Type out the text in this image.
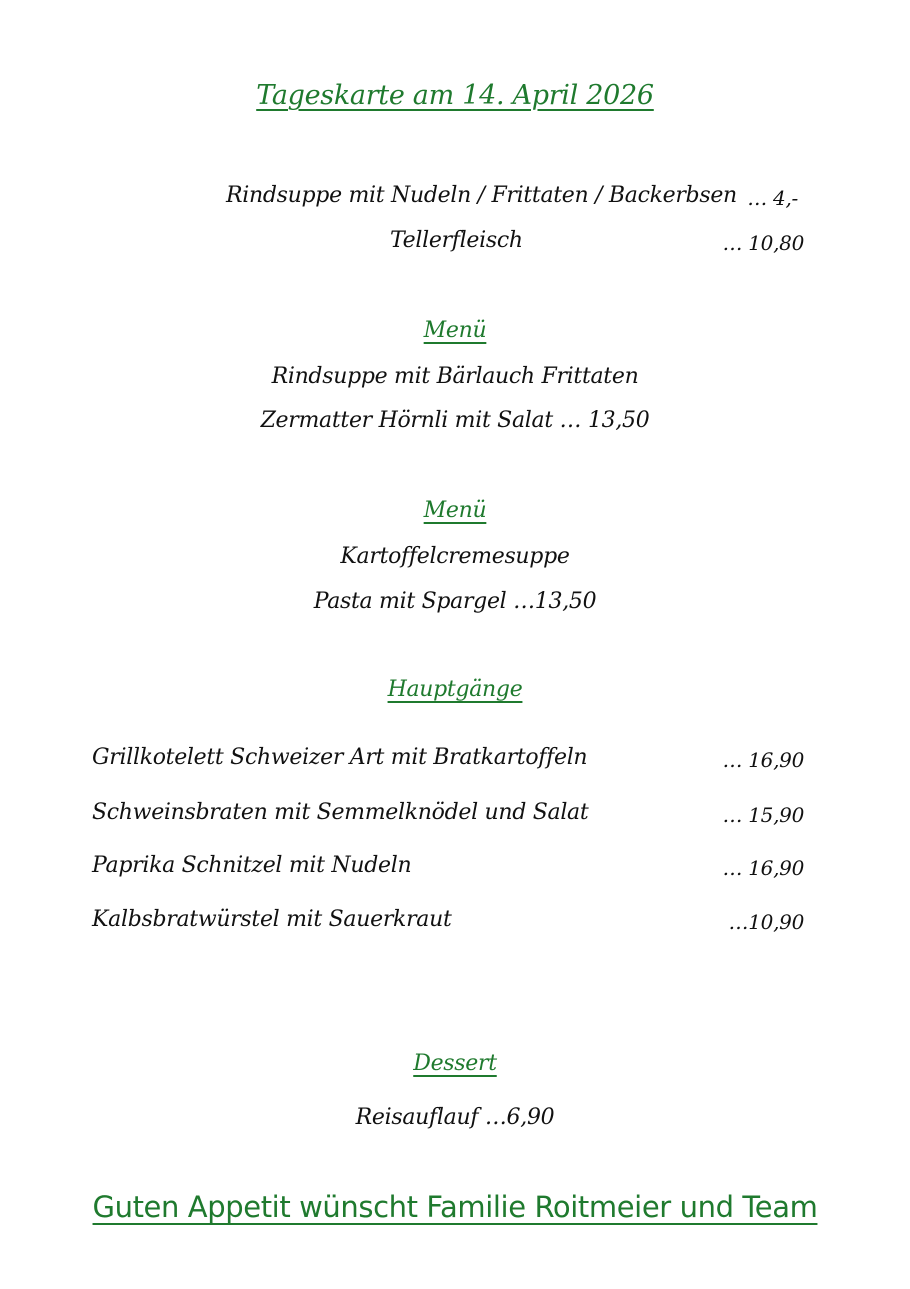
Tageskarte am 14. April 2026
Rindsuppe mit Nudeln / Frittaten / Backerbsen … 4,-
Tellerfleisch	… 10,80
Menü
Rindsuppe mit Bärlauch Frittaten
Zermatter Hörnli mit Salat … 13,50
Menü
Kartoffelcremesuppe
Pasta mit Spargel …13,50
Hauptgänge
Grillkotelett Schweizer Art mit Bratkartoffeln	… 16,90
Schweinsbraten mit Semmelknödel und Salat	… 15,90
Paprika Schnitzel mit Nudeln	… 16,90
Kalbsbratwürstel mit Sauerkraut	…10,90
Dessert
Reisauflauf …6,90
Guten Appetit wünscht Familie Roitmeier und Team
